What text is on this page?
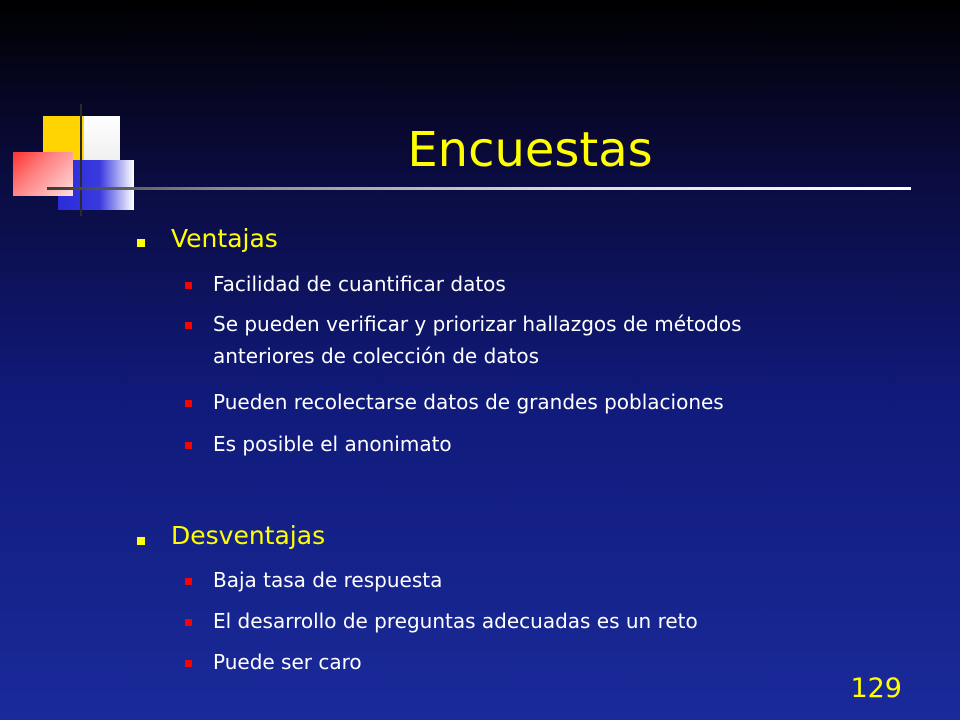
Encuestas
Ventajas
Facilidad de cuantificar datos
Se pueden verificar y priorizar hallazgos de métodos
anteriores de colección de datos
Pueden recolectarse datos de grandes poblaciones
Es posible el anonimato
Desventajas
Baja tasa de respuesta
El desarrollo de preguntas adecuadas es un reto
Puede ser caro
129
